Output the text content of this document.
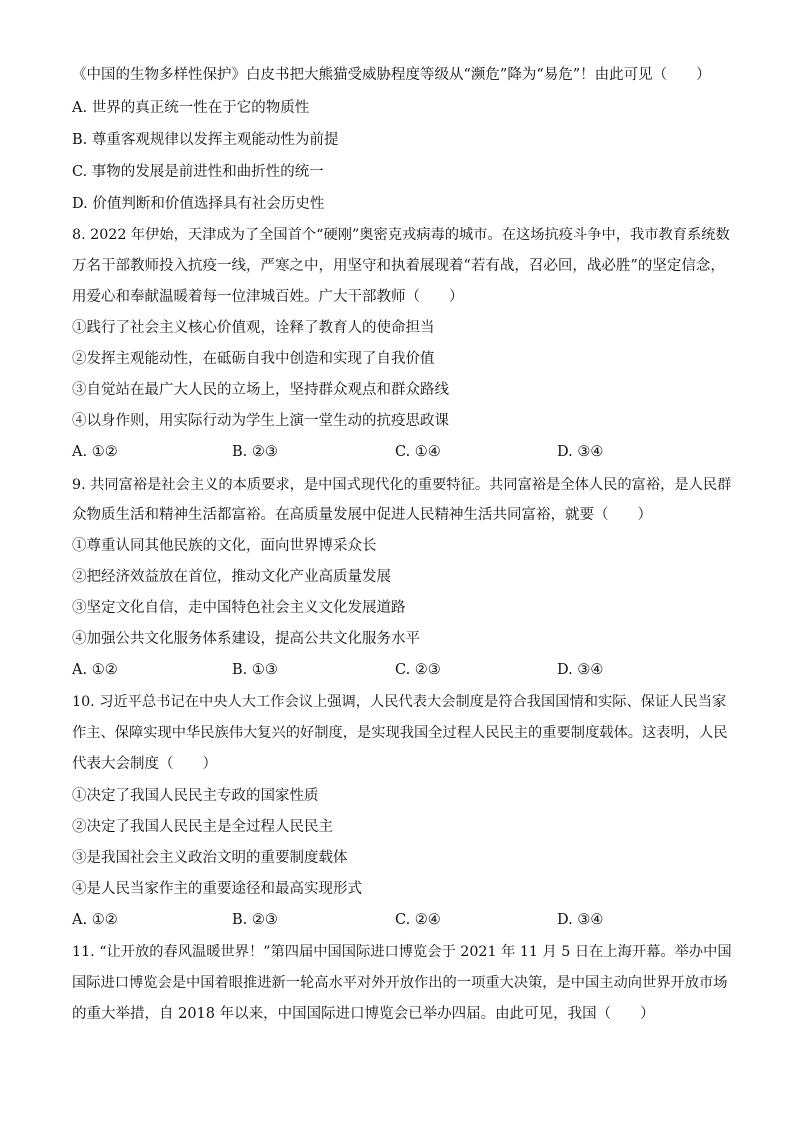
《中国的生物多样性保护》白皮书把大熊猫受威胁程度等级从“濒危”降为“易危”！由此可见（　　）
A. 世界的真正统一性在于它的物质性
B. 尊重客观规律以发挥主观能动性为前提
C. 事物的发展是前进性和曲折性的统一
D. 价值判断和价值选择具有社会历史性
8. 2022 年伊始，天津成为了全国首个“硬刚”奥密克戎病毒的城市。在这场抗疫斗争中，我市教育系统数
万名干部教师投入抗疫一线，严寒之中，用坚守和执着展现着“若有战，召必回，战必胜”的坚定信念，
用爱心和奉献温暖着每一位津城百姓。广大干部教师（　　）
①践行了社会主义核心价值观，诠释了教育人的使命担当
②发挥主观能动性，在砥砺自我中创造和实现了自我价值
③自觉站在最广大人民的立场上，坚持群众观点和群众路线
④以身作则，用实际行动为学生上演一堂生动的抗疫思政课
A. ①②	B. ②③	C. ①④	D. ③④
9. 共同富裕是社会主义的本质要求，是中国式现代化的重要特征。共同富裕是全体人民的富裕，是人民群
众物质生活和精神生活都富裕。在高质量发展中促进人民精神生活共同富裕，就要（　　）
①尊重认同其他民族的文化，面向世界博采众长
②把经济效益放在首位，推动文化产业高质量发展
③坚定文化自信，走中国特色社会主义文化发展道路
④加强公共文化服务体系建设，提高公共文化服务水平
A. ①②	B. ①③	C. ②③	D. ③④
10. 习近平总书记在中央人大工作会议上强调，人民代表大会制度是符合我国国情和实际、保证人民当家
作主、保障实现中华民族伟大复兴的好制度，是实现我国全过程人民民主的重要制度载体。这表明，人民
代表大会制度（　　）
①决定了我国人民民主专政的国家性质
②决定了我国人民民主是全过程人民民主
③是我国社会主义政治文明的重要制度载体
④是人民当家作主的重要途径和最高实现形式
A. ①②	B. ②③	C. ②④	D. ③④
11. “让开放的春风温暖世界！”第四届中国国际进口博览会于 2021 年 11 月 5 日在上海开幕。举办中国
国际进口博览会是中国着眼推进新一轮高水平对外开放作出的一项重大决策，是中国主动向世界开放市场
的重大举措，自 2018 年以来，中国国际进口博览会已举办四届。由此可见，我国（　　）
